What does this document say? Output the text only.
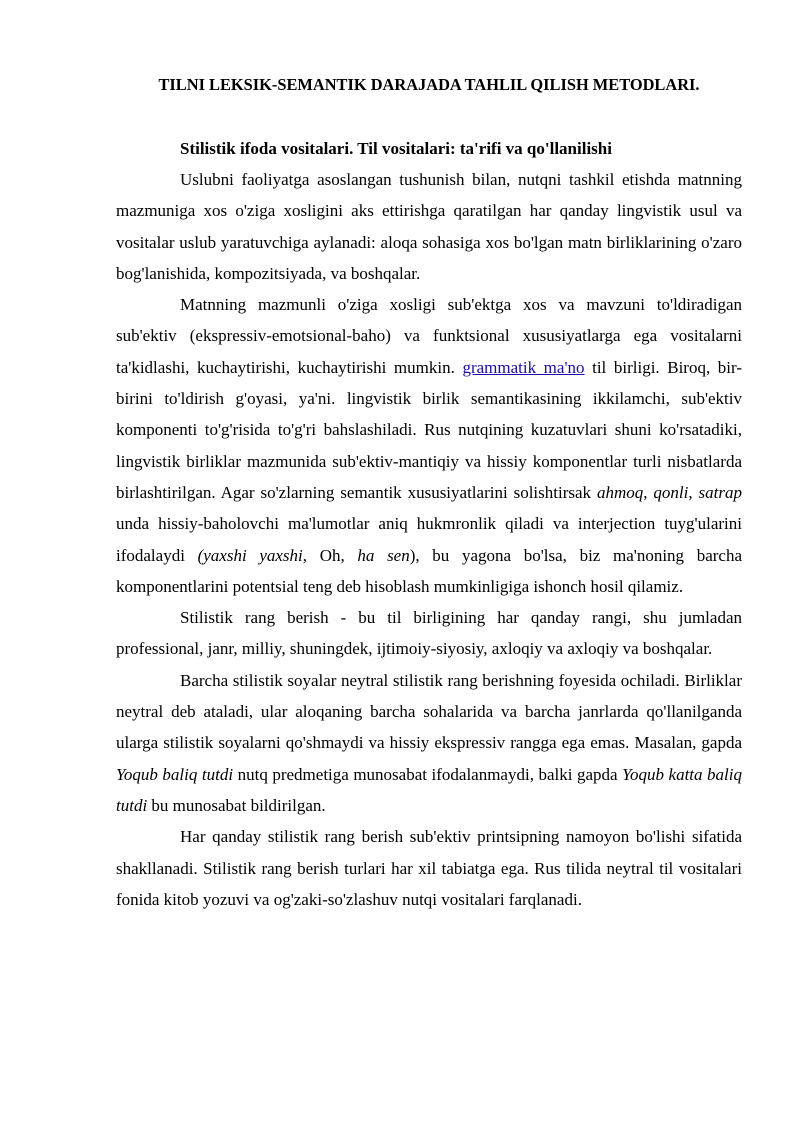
TILNI LEKSIK-SEMANTIK DARAJADA TAHLIL QILISH METODLARI.
Stilistik ifoda vositalari. Til vositalari: ta'rifi va qo'llanilishi

Uslubni faoliyatga asoslangan tushunish bilan, nutqni tashkil etishda matnning mazmuniga xos o'ziga xosligini aks ettirishga qaratilgan har qanday lingvistik usul va vositalar uslub yaratuvchiga aylanadi: aloqa sohasiga xos bo'lgan matn birliklarining o'zaro bog'lanishida, kompozitsiyada, va boshqalar.

Matnning mazmunli o'ziga xosligi sub'ektga xos va mavzuni to'ldiradigan sub'ektiv (ekspressiv-emotsional-baho) va funktsional xususiyatlarga ega vositalarni ta'kidlashi, kuchaytirishi, kuchaytirishi mumkin. grammatik ma'no til birligi. Biroq, bir-birini to'ldirish g'oyasi, ya'ni. lingvistik birlik semantikasining ikkilamchi, sub'ektiv komponenti to'g'risida to'g'ri bahslashiladi. Rus nutqining kuzatuvlari shuni ko'rsatadiki, lingvistik birliklar mazmunida sub'ektiv-mantiqiy va hissiy komponentlar turli nisbatlarda birlashtirilgan. Agar so'zlarning semantik xususiyatlarini solishtirsak ahmoq, qonli, satrap unda hissiy-baholovchi ma'lumotlar aniq hukmronlik qiladi va interjection tuyg'ularini ifodalaydi (yaxshi yaxshi, Oh, ha sen), bu yagona bo'lsa, biz ma'noning barcha komponentlarini potentsial teng deb hisoblash mumkinligiga ishonch hosil qilamiz.

Stilistik rang berish - bu til birligining har qanday rangi, shu jumladan professional, janr, milliy, shuningdek, ijtimoiy-siyosiy, axloqiy va axloqiy va boshqalar.

Barcha stilistik soyalar neytral stilistik rang berishning foyesida ochiladi. Birliklar neytral deb ataladi, ular aloqaning barcha sohalarida va barcha janrlarda qo'llanilganda ularga stilistik soyalarni qo'shmaydi va hissiy ekspressiv rangga ega emas. Masalan, gapda Yoqub baliq tutdi nutq predmetiga munosabat ifodalanmaydi, balki gapda Yoqub katta baliq tutdi bu munosabat bildirilgan.

Har qanday stilistik rang berish sub'ektiv printsipning namoyon bo'lishi sifatida shakllanadi. Stilistik rang berish turlari har xil tabiatga ega. Rus tilida neytral til vositalari fonida kitob yozuvi va og'zaki-so'zlashuv nutqi vositalari farqlanadi.
